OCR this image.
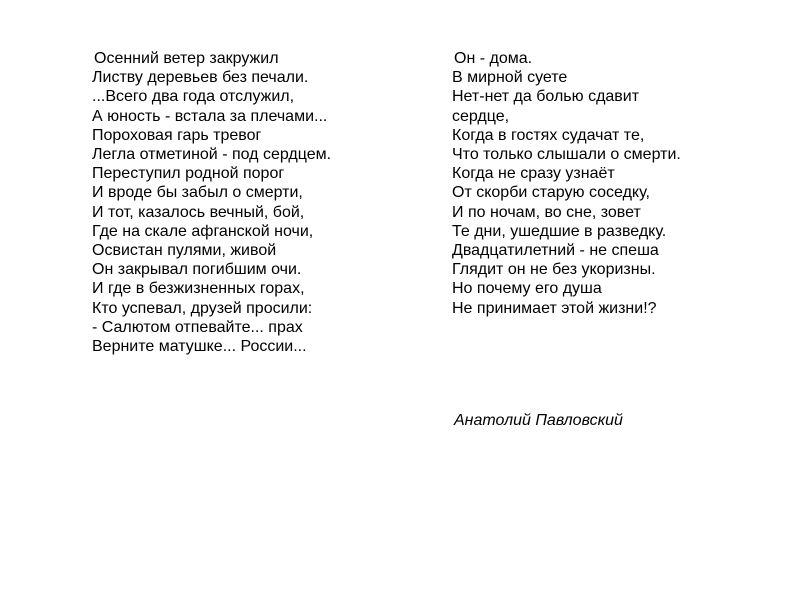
Осенний ветер закружил
Листву деревьев без печали.
...Всего два года отслужил,
А юность - встала за плечами...
Пороховая гарь тревог
Легла отметиной - под сердцем.
Переступил родной порог
И вроде бы забыл о смерти,
И тот, казалось вечный, бой,
Где на скале афганской ночи,
Освистан пулями, живой
Он закрывал погибшим очи.
И где в безжизненных горах,
Кто успевал, друзей просили:
- Салютом отпевайте... прах
Верните матушке... России...
Он - дома.
В мирной суете
Нет-нет да болью сдавит
сердце,
Когда в гостях судачат те,
Что только слышали о смерти.
Когда не сразу узнаёт
От скорби старую соседку,
И по ночам, во сне, зовет
Те дни, ушедшие в разведку.
Двадцатилетний - не спеша
Глядит он не без укоризны.
Но почему его душа
Не принимает этой жизни!?
Анатолий Павловский
